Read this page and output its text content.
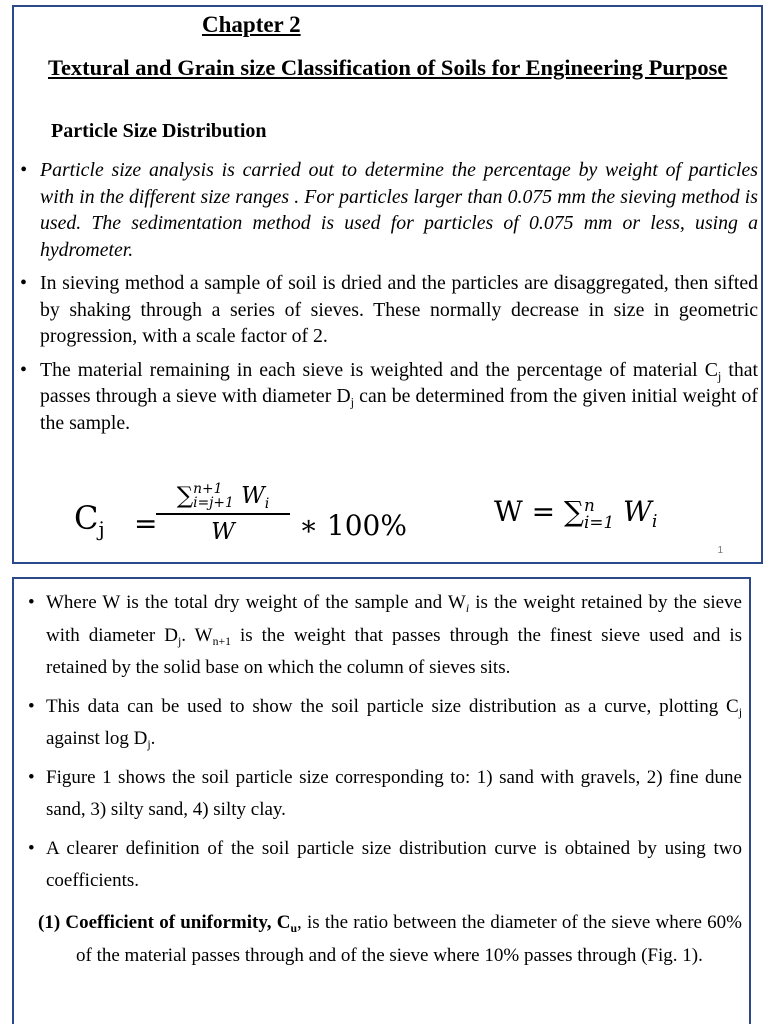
Chapter 2
Textural and Grain size Classification of Soils for Engineering Purpose
Particle Size Distribution
• Particle size analysis is carried out to determine the percentage by weight of particles with in the different size ranges . For particles larger than 0.075 mm the sieving method is used. The sedimentation method is used for particles of 0.075 mm or less, using a hydrometer.
• In sieving method a sample of soil is dried and the particles are disaggregated, then sifted by shaking through a series of sieves. These normally decrease in size in geometric progression, with a scale factor of 2.
• The material remaining in each sieve is weighted and the percentage of material $C_j$ that passes through a sieve with diameter $D_j$ can be determined from the given initial weight of the sample.
$C_j$ =
∑ n+1
i=j+1 $W_i$
W ∗ 100%	W = ∑ n
i=1 $W_i$
1
• Where W is the total dry weight of the sample and $W_i$ is the weight retained by the sieve with diameter $D_j$. $W_{n+1}$ is the weight that passes through the finest sieve used and is retained by the solid base on which the column of sieves sits.
• This data can be used to show the soil particle size distribution as a curve, plotting $C_j$ against $\log D_j$.
• Figure 1 shows the soil particle size corresponding to: 1) sand with gravels, 2) fine dune sand, 3) silty sand, 4) silty clay.
• A clearer definition of the soil particle size distribution curve is obtained by using two coefficients.
(1) Coefficient of uniformity, $C_u$, is the ratio between the diameter of the sieve where 60% of the material passes through and of the sieve where 10% passes through (Fig. 1).
